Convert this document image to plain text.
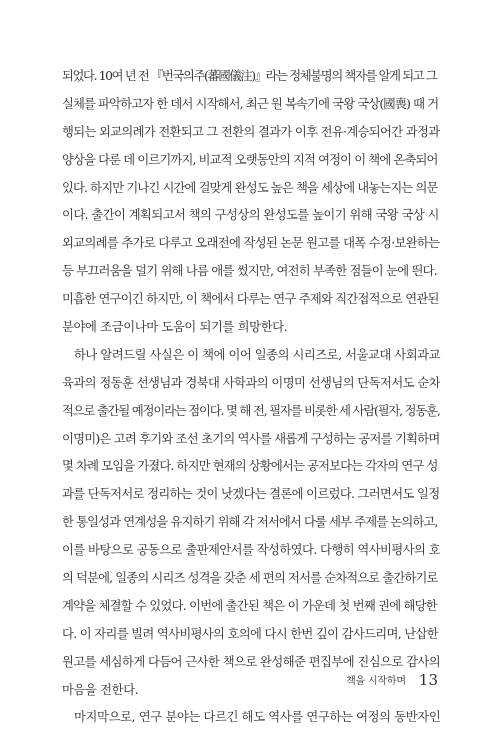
되었다. 10여 년 전 『번국의주(蕃國儀注)』라는 정체불명의 책자를 알게 되고 그
실체를 파악하고자 한 데서 시작해서, 최근 원 복속기에 국왕 국상(國喪) 때 거
행되는 외교의례가 전환되고 그 전환의 결과가 이후 전유·계승되어간 과정과
양상을 다룬 데 이르기까지, 비교적 오랫동안의 지적 여정이 이 책에 온축되어
있다. 하지만 기나긴 시간에 걸맞게 완성도 높은 책을 세상에 내놓는지는 의문
이다. 출간이 계획되고서 책의 구성상의 완성도를 높이기 위해 국왕 국상 시
외교의례를 추가로 다루고 오래전에 작성된 논문 원고를 대폭 수정·보완하는
등 부끄러움을 덜기 위해 나름 애를 썼지만, 여전히 부족한 점들이 눈에 띈다.
미흡한 연구이긴 하지만, 이 책에서 다루는 연구 주제와 직간접적으로 연관된
분야에 조금이나마 도움이 되기를 희망한다.
하나 알려드릴 사실은 이 책에 이어 일종의 시리즈로, 서울교대 사회과교
육과의 정동훈 선생님과 경북대 사학과의 이명미 선생님의 단독저서도 순차
적으로 출간될 예정이라는 점이다. 몇 해 전, 필자를 비롯한 세 사람(필자, 정동훈,
이명미)은 고려 후기와 조선 초기의 역사를 새롭게 구성하는 공저를 기획하며
몇 차례 모임을 가졌다. 하지만 현재의 상황에서는 공저보다는 각자의 연구 성
과를 단독저서로 정리하는 것이 낫겠다는 결론에 이르렀다. 그러면서도 일정
한 통일성과 연계성을 유지하기 위해 각 저서에서 다룰 세부 주제를 논의하고,
이를 바탕으로 공동으로 출판제안서를 작성하였다. 다행히 역사비평사의 호
의 덕분에, 일종의 시리즈 성격을 갖춘 세 편의 저서를 순차적으로 출간하기로
계약을 체결할 수 있었다. 이번에 출간된 책은 이 가운데 첫 번째 권에 해당한
다. 이 자리를 빌려 역사비평사의 호의에 다시 한번 깊이 감사드리며, 난삽한
원고를 세심하게 다듬어 근사한 책으로 완성해준 편집부에 진심으로 감사의
마음을 전한다.
마지막으로, 연구 분야는 다르긴 해도 역사를 연구하는 여정의 동반자인
책을 시작하며 13
